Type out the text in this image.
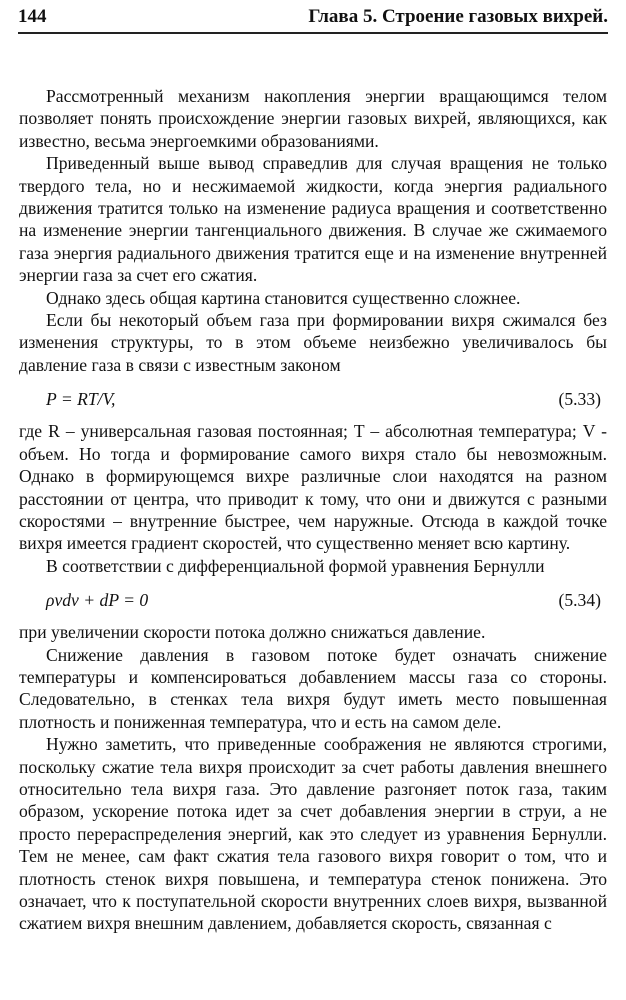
144	Глава 5. Строение газовых вихрей.

Рассмотренный механизм накопления энергии вращающимся телом позволяет понять происхождение энергии газовых вихрей, являющихся, как известно, весьма энергоемкими образованиями.

Приведенный выше вывод справедлив для случая вращения не только твердого тела, но и несжимаемой жидкости, когда энергия радиального движения тратится только на изменение радиуса вращения и соответственно на изменение энергии тангенциального движения. В случае же сжимаемого газа энергия радиального движения тратится еще и на изменение внутренней энергии газа за счет его сжатия.

Однако здесь общая картина становится существенно сложнее.

Если бы некоторый объем газа при формировании вихря сжимался без изменения структуры, то в этом объеме неизбежно увеличивалось бы давление газа в связи с известным законом

P = RT/V,	(5.33)

где R – универсальная газовая постоянная; T – абсолютная температура; V - объем. Но тогда и формирование самого вихря стало бы невозможным. Однако в формирующемся вихре различные слои находятся на разном расстоянии от центра, что приводит к тому, что они и движутся с разными скоростями – внутренние быстрее, чем наружные. Отсюда в каждой точке вихря имеется градиент скоростей, что существенно меняет всю картину.

В соответствии с дифференциальной формой уравнения Бернулли

ρvdv + dP = 0	(5.34)

при увеличении скорости потока должно снижаться давление.

Снижение давления в газовом потоке будет означать снижение температуры и компенсироваться добавлением массы газа со стороны. Следовательно, в стенках тела вихря будут иметь место повышенная плотность и пониженная температура, что и есть на самом деле.

Нужно заметить, что приведенные соображения не являются строгими, поскольку сжатие тела вихря происходит за счет работы давления внешнего относительно тела вихря газа. Это давление разгоняет поток газа, таким образом, ускорение потока идет за счет добавления энергии в струи, а не просто перераспределения энергий, как это следует из уравнения Бернулли. Тем не менее, сам факт сжатия тела газового вихря говорит о том, что и плотность стенок вихря повышена, и температура стенок понижена. Это означает, что к поступательной скорости внутренних слоев вихря, вызванной сжатием вихря внешним давлением, добавляется скорость, связанная с
